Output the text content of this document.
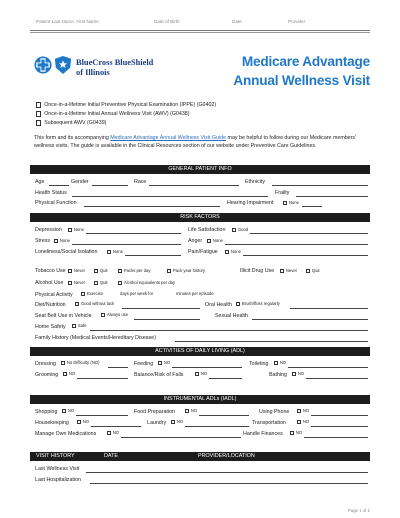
Patient Last Name, First Name	Date of Birth	Date	Provider
BlueCross BlueShield
of Illinois
Medicare Advantage
Annual Wellness Visit
Once-in-a-lifetime Initial Preventive Physical Examination (IPPE) (G0402)
Once-in-a-lifetime Initial Annual Wellness Visit (AWV) (G0438)
Subsequent AWV (G0439)
This form and its accompanying Medicare Advantage Annual Wellness Visit Guide may be helpful to follow during our Medicare members' wellness visits. The guide is available in the Clinical Resources section of our website under Preventive Care Guidelines.
GENERAL PATIENT INFO
Age	Gender	Race	Ethnicity
Health Status	Frailty
Physical Function	Hearing Impairment	None
RISK FACTORS
Depression	None	Life Satisfaction	Good
Stress None	Anger	None
Loneliness/Social Isolation	None	Pain/Fatigue	None
Tobacco Use Never	Quit	Packs per day	Pack year history	Illicit Drug Use	Never	Quit
Alcohol Use	Never	Quit	Alcohol equivalents per day
Physical Activity	Exercise	days per week for	minutes per episode
Diet/Nutrition	Good without lack	Oral Health Brush/floss regularly
Seat Belt Use in Vehicle	Always use	Sexual Health
Home Safety	Safe
Family History (Medical Events/Hereditary Disease)
ACTIVITIES OF DAILY LIVING (ADL)
Dressing	No Difficulty (NO)	Feeding	NO	Toileting	NO
Grooming	NO	Balance/Risk of Falls	NO	Bathing	NO
INSTRUMENTAL ADLs (IADL)
Shopping	NO	Food Preparation	NO	Using Phone	NO
Housekeeping	NO	Laundry	NO	Transportation	NO
Manage Own Medications	NO	Handle Finances	NO
VISIT HISTORY	DATE	PROVIDER/LOCATION
Last Wellness Visit
Last Hospitalization
Page 1 of 1
